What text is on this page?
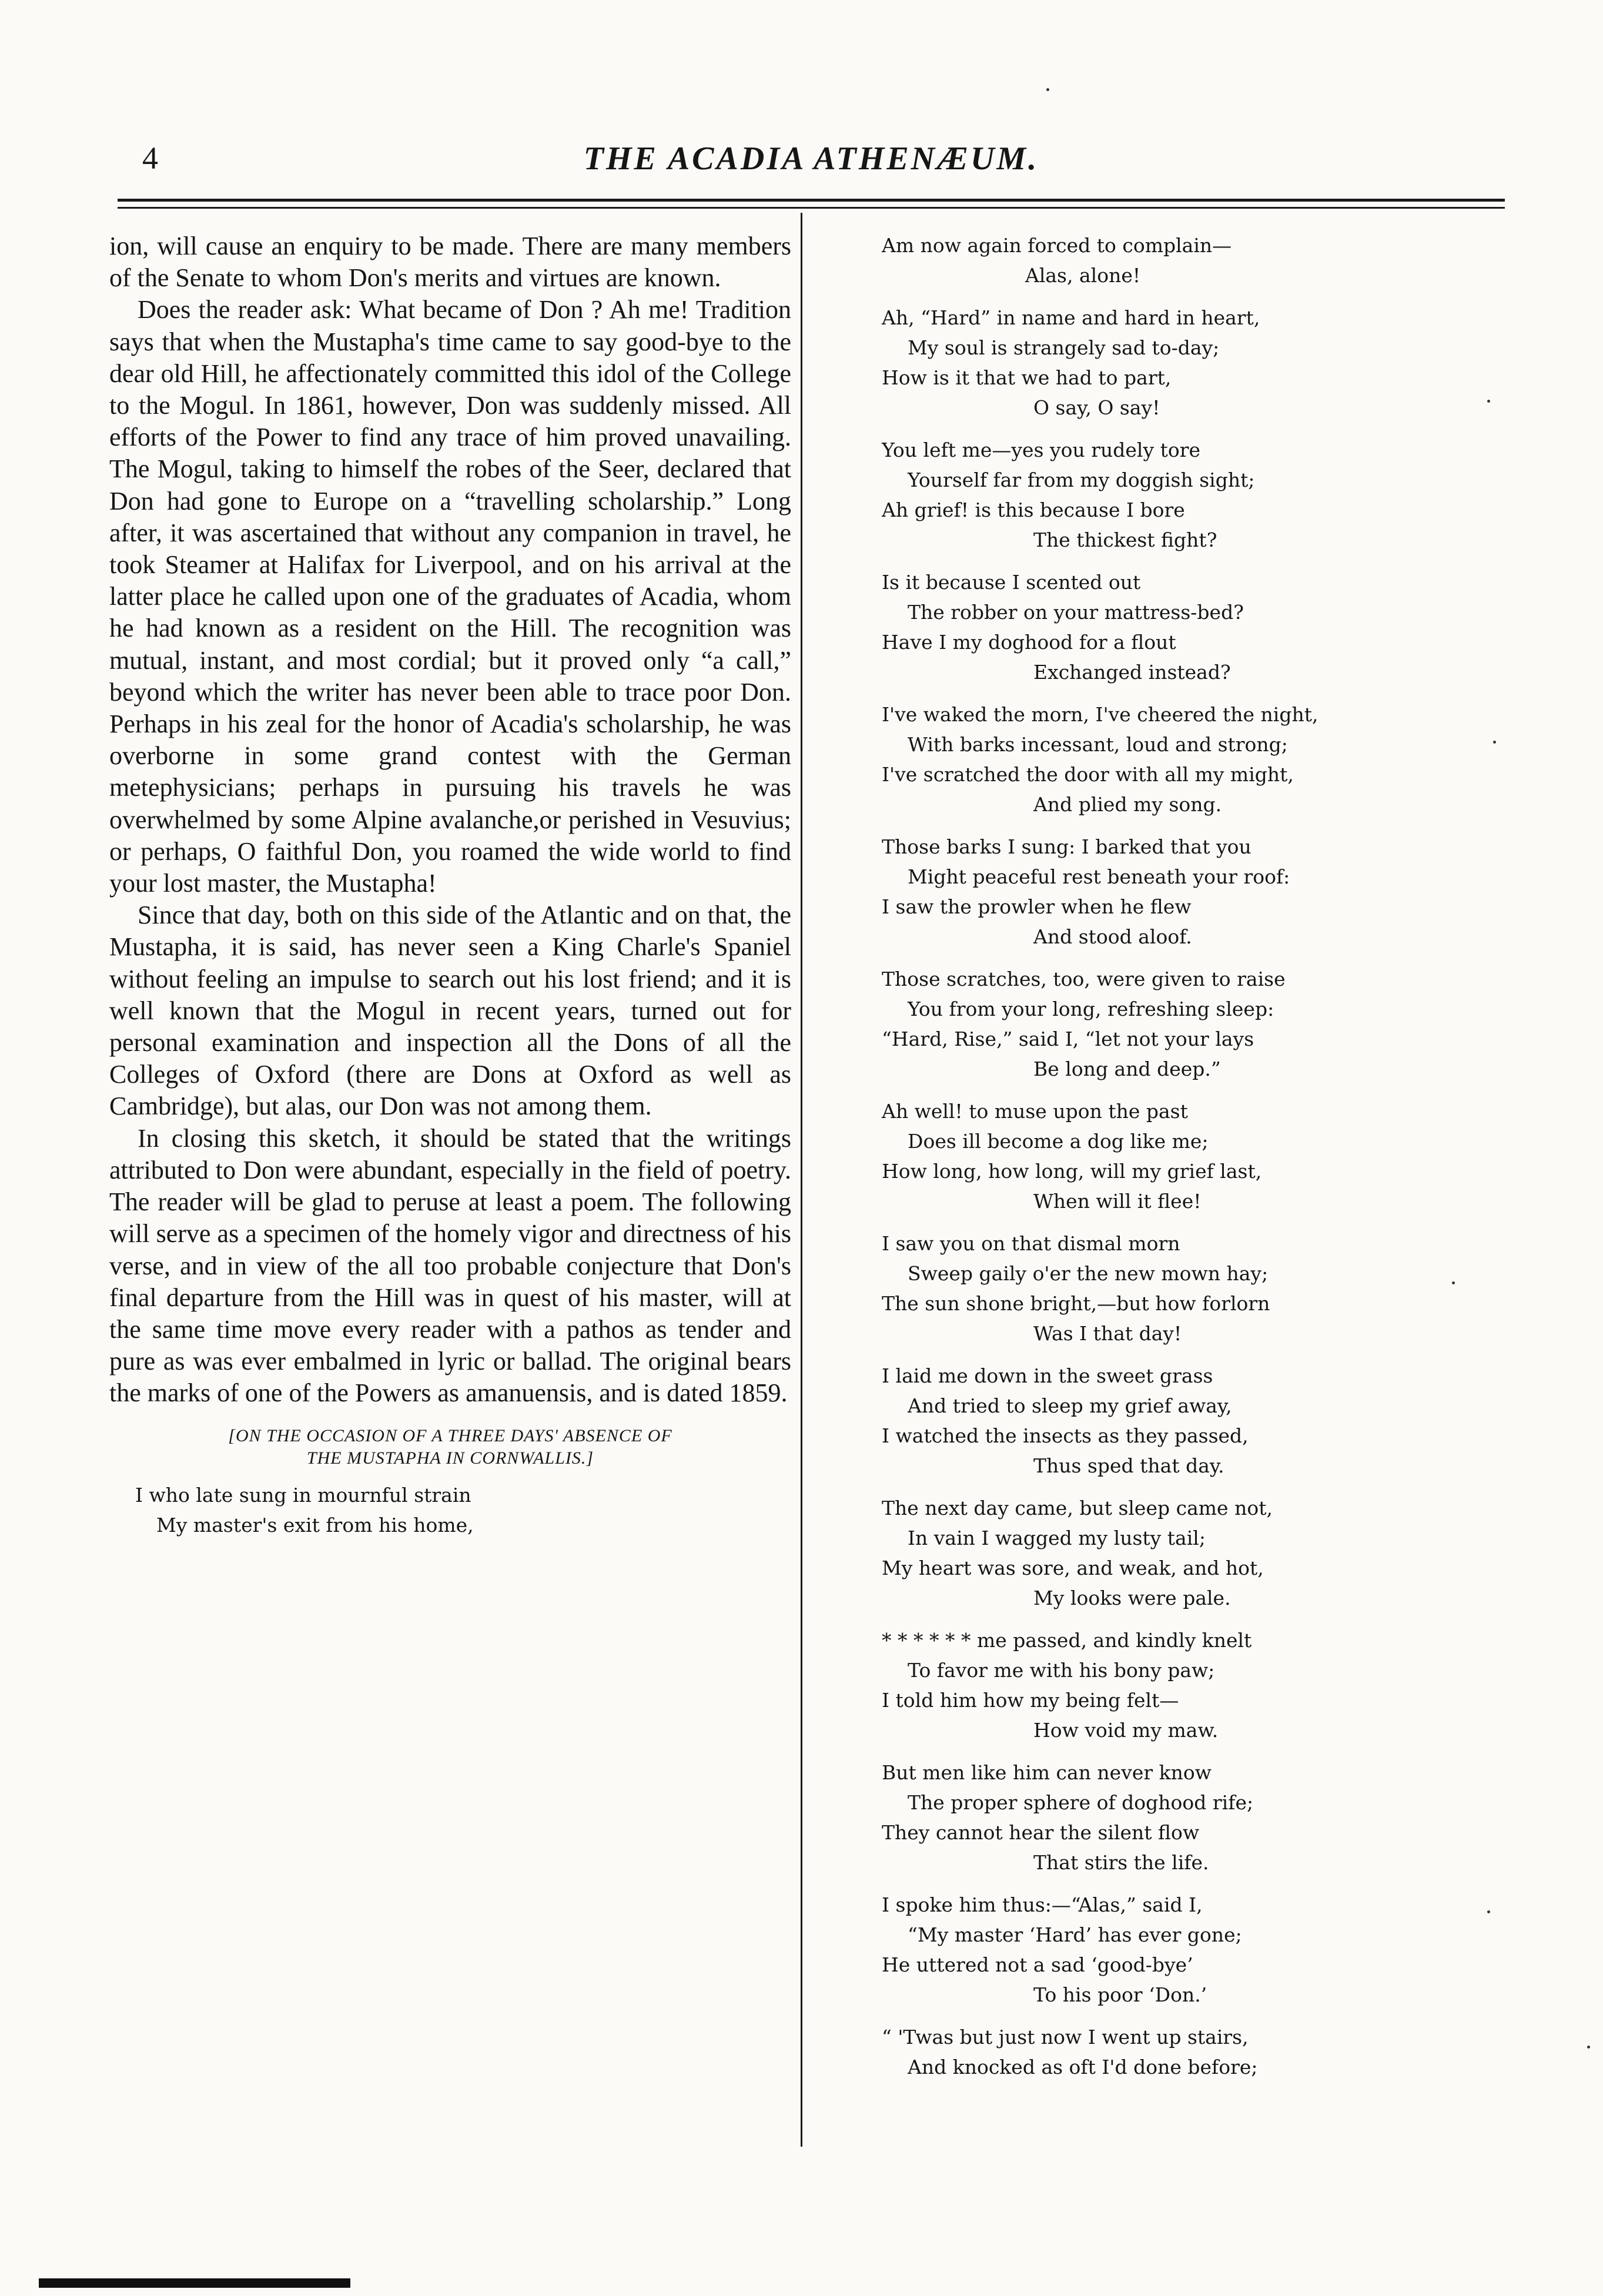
4	THE ACADIA ATHENÆUM.

ion, will cause an enquiry to be made. There are many members of the Senate to whom Don's merits and virtues are known.

Does the reader ask: What became of Don ? Ah me! Tradition says that when the Mustapha's time came to say good-bye to the dear old Hill, he affectionately committed this idol of the College to the Mogul. In 1861, however, Don was suddenly missed. All efforts of the Power to find any trace of him proved unavailing. The Mogul, taking to himself the robes of the Seer, declared that Don had gone to Europe on a “travelling scholarship.” Long after, it was ascertained that without any companion in travel, he took Steamer at Halifax for Liverpool, and on his arrival at the latter place he called upon one of the graduates of Acadia, whom he had known as a resident on the Hill. The recognition was mutual, instant, and most cordial; but it proved only “a call,” beyond which the writer has never been able to trace poor Don. Perhaps in his zeal for the honor of Acadia's scholarship, he was overborne in some grand contest with the German metephysicians; perhaps in pursuing his travels he was overwhelmed by some Alpine avalanche,or perished in Vesuvius; or perhaps, O faithful Don, you roamed the wide world to find your lost master, the Mustapha!

Since that day, both on this side of the Atlantic and on that, the Mustapha, it is said, has never seen a King Charle's Spaniel without feeling an impulse to search out his lost friend; and it is well known that the Mogul in recent years, turned out for personal examination and inspection all the Dons of all the Colleges of Oxford (there are Dons at Oxford as well as Cambridge), but alas, our Don was not among them.

In closing this sketch, it should be stated that the writings attributed to Don were abundant, especially in the field of poetry. The reader will be glad to peruse at least a poem. The following will serve as a specimen of the homely vigor and directness of his verse, and in view of the all too probable conjecture that Don's final departure from the Hill was in quest of his master, will at the same time move every reader with a pathos as tender and pure as was ever embalmed in lyric or ballad. The original bears the marks of one of the Powers as amanuensis, and is dated 1859.

[ON THE OCCASION OF A THREE DAYS' ABSENCE OF
THE MUSTAPHA IN CORNWALLIS.]
I who late sung in mournful strain
My master's exit from his home,
Am now again forced to complain—
Alas, alone!
Ah, “Hard” in name and hard in heart,
My soul is strangely sad to-day;
How is it that we had to part,
O say, O say!
You left me—yes you rudely tore
Yourself far from my doggish sight;
Ah grief! is this because I bore
The thickest fight?
Is it because I scented out
The robber on your mattress-bed?
Have I my doghood for a flout
Exchanged instead?
I've waked the morn, I've cheered the night,
With barks incessant, loud and strong;
I've scratched the door with all my might,
And plied my song.
Those barks I sung: I barked that you
Might peaceful rest beneath your roof:
I saw the prowler when he flew
And stood aloof.
Those scratches, too, were given to raise
You from your long, refreshing sleep:
“Hard, Rise,” said I, “let not your lays
Be long and deep.”
Ah well! to muse upon the past
Does ill become a dog like me;
How long, how long, will my grief last,
When will it flee!
I saw you on that dismal morn
Sweep gaily o'er the new mown hay;
The sun shone bright,—but how forlorn
Was I that day!
I laid me down in the sweet grass
And tried to sleep my grief away,
I watched the insects as they passed,
Thus sped that day.
The next day came, but sleep came not,
In vain I wagged my lusty tail;
My heart was sore, and weak, and hot,
My looks were pale.
* * * * * * me passed, and kindly knelt
To favor me with his bony paw;
I told him how my being felt—
How void my maw.
But men like him can never know
The proper sphere of doghood rife;
They cannot hear the silent flow
That stirs the life.
I spoke him thus:—“Alas,” said I,
“My master ‘Hard’ has ever gone;
He uttered not a sad ‘good-bye’
To his poor ‘Don.’
“ 'Twas but just now I went up stairs,
And knocked as oft I'd done before;
